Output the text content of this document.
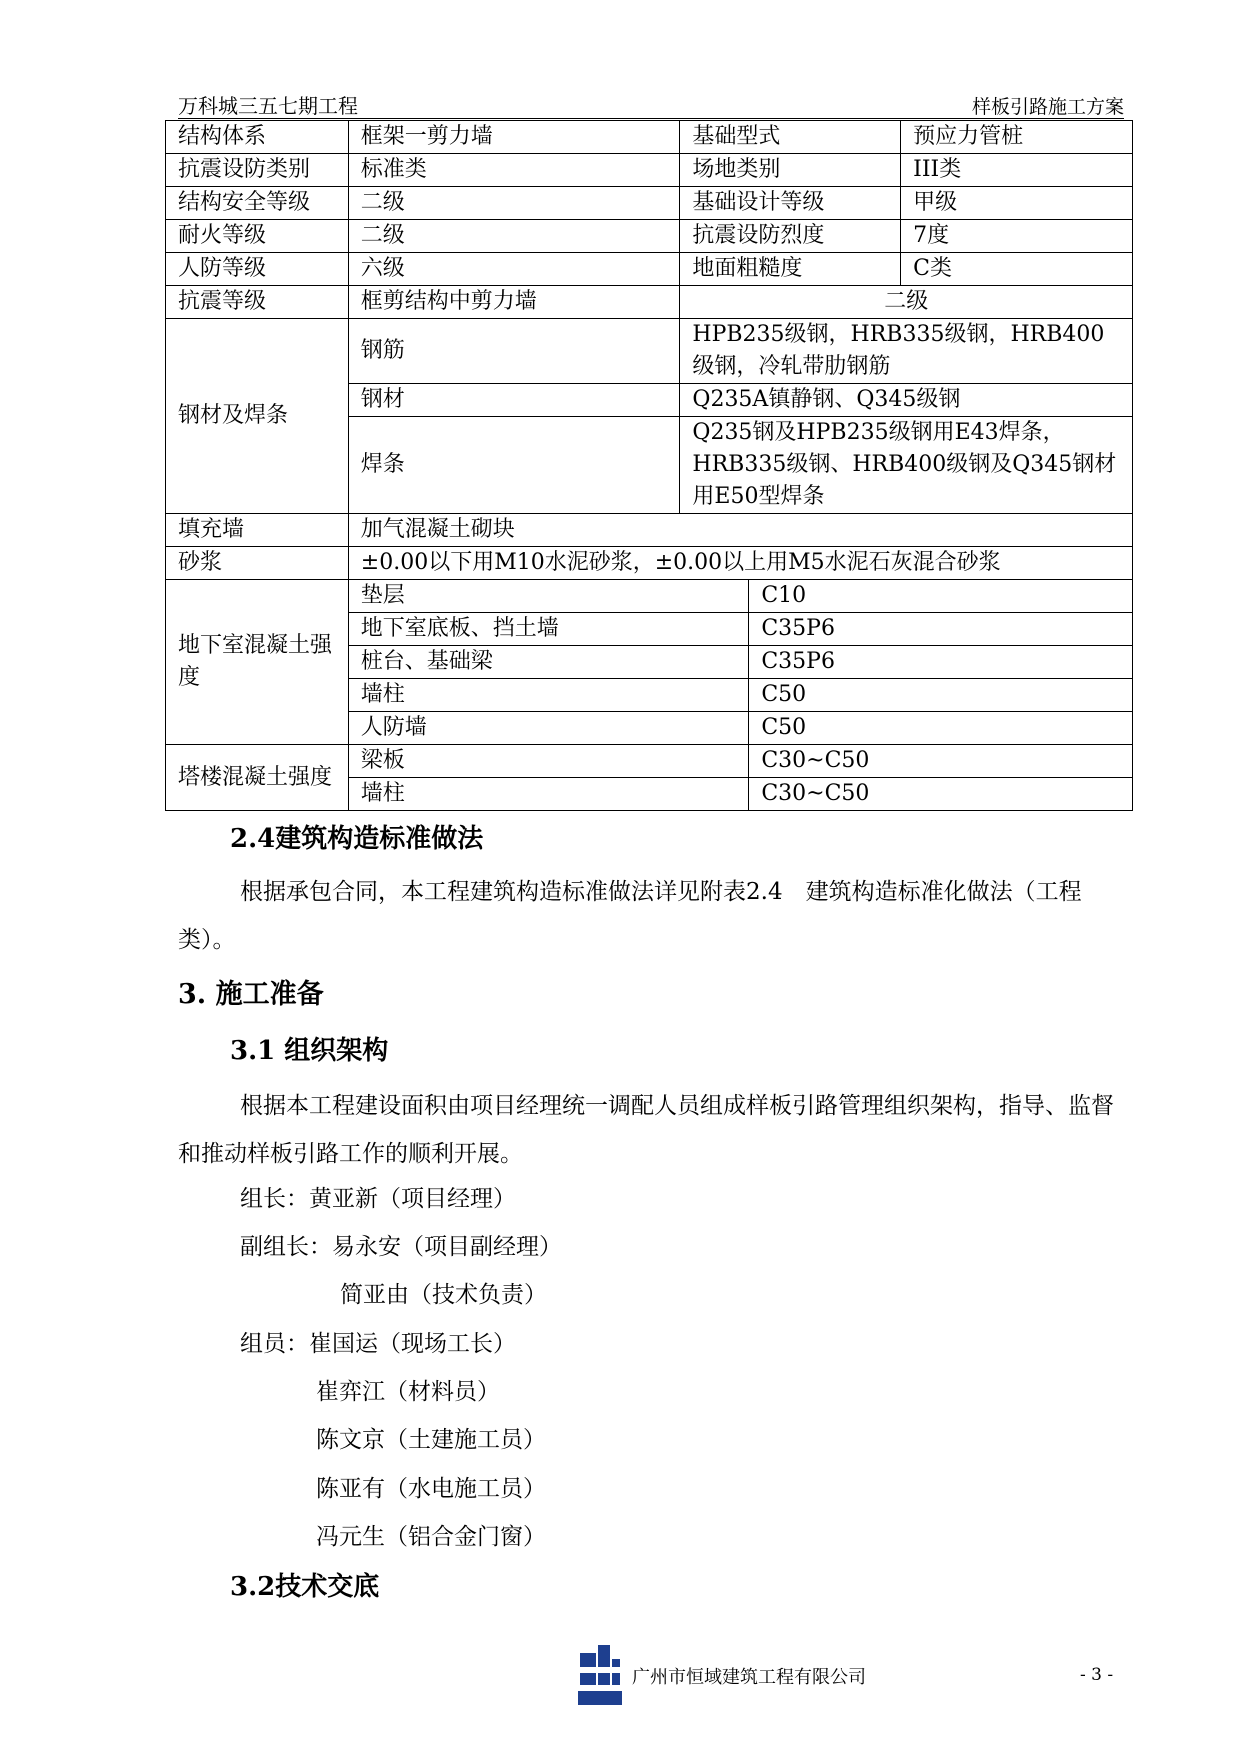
万科城三五七期工程	样板引路施工方案
结构体系	框架一剪力墙	基础型式		预应力管桩
抗震设防类别	标准类	场地类别		III类
结构安全等级	二级	基础设计等级		甲级
耐火等级	二级	抗震设防烈度		7度
人防等级	六级	地面粗糙度		C类
抗震等级	框剪结构中剪力墙	二级		
钢材及焊条	钢筋	HPB235级钢，HRB335级钢，HRB400级钢，冷轧带肋钢筋		
	钢材	Q235A镇静钢、Q345级钢		
	焊条	Q235钢及HPB235级钢用E43焊条，HRB335级钢、HRB400级钢及Q345钢材用E50型焊条		
填充墙	加气混凝土砌块			
砂浆	±0.00以下用M10水泥砂浆，±0.00以上用M5水泥石灰混合砂浆			
地下室混凝土强度	垫层		C10	
	地下室底板、挡土墙		C35P6	
	桩台、基础梁		C35P6	
	墙柱		C50	
	人防墙		C50	
塔楼混凝土强度	梁板		C30~C50	
	墙柱		C30~C50	
2.4建筑构造标准做法
根据承包合同，本工程建筑构造标准做法详见附表2.4　建筑构造标准化做法（工程类）。
3. 施工准备
3.1 组织架构
根据本工程建设面积由项目经理统一调配人员组成样板引路管理组织架构，指导、监督和推动样板引路工作的顺利开展。
组长：黄亚新（项目经理）
副组长：易永安（项目副经理）
简亚由（技术负责）
组员：崔国运（现场工长）
崔弈江（材料员）
陈文京（土建施工员）
陈亚有（水电施工员）
冯元生（铝合金门窗）
3.2技术交底
广州市恒域建筑工程有限公司	- 3 -
